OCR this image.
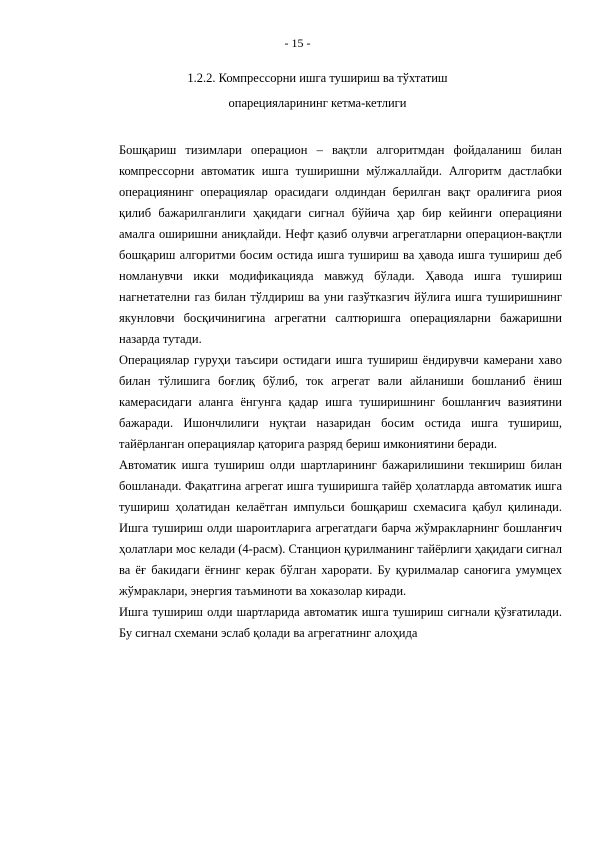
- 15 -
1.2.2. Компрессорни ишга тушириш ва тўхтатиш
опарецияларининг кетма-кетлиги

Бошқариш тизимлари операцион – вақтли алгоритмдан фойдаланиш билан компрессорни автоматик ишга туширишни мўлжаллайди. Алгоритм дастлабки операциянинг операциялар орасидаги олдиндан берилган вақт оралиғига риоя қилиб бажарилганлиги ҳақидаги сигнал бўйича ҳар бир кейинги операцияни амалга оширишни аниқлайди. Нефт қазиб олувчи агрегатларни операцион-вақтли бошқариш алгоритми босим остида ишга тушириш ва ҳавода ишга тушириш деб номланувчи икки модификацияда мавжуд бўлади. Ҳавода ишга тушириш нагнетателни газ билан тўлдириш ва уни газўтказгич йўлига ишга туширишнинг якунловчи босқичинигина агрегатни салтюришга операцияларни бажаришни назарда тутади.

Операциялар гуруҳи таъсири остидаги ишга тушириш ёндирувчи камерани хаво билан тўлишига боғлиқ бўлиб, ток агрегат вали айланиши бошланиб ёниш камерасидаги аланга ёнгунга қадар ишга туширишнинг бошланғич вазиятини бажаради. Ишончлилиги нуқтаи назаридан босим остида ишга тушириш, тайёрланган операциялар қаторига разряд бериш имкониятини беради.

Автоматик ишга тушириш олди шартларининг бажарилишини текшириш билан бошланади. Фақатгина агрегат ишга туширишга тайёр ҳолатларда автоматик ишга тушириш ҳолатидан келаётган импульси бошқариш схемасига қабул қилинади. Ишга тушириш олди шароитларига агрегатдаги барча жўмракларнинг бошланғич ҳолатлари мос келади (4-расм). Станцион қурилманинг тайёрлиги ҳақидаги сигнал ва ёғ бакидаги ёғнинг керак бўлган харорати. Бу қурилмалар саноғига умумцех жўмраклари, энергия таъминоти ва хоказолар киради.

Ишга тушириш олди шартларида автоматик ишга тушириш сигнали қўзғатилади. Бу сигнал схемани эслаб қолади ва агрегатнинг алоҳида
